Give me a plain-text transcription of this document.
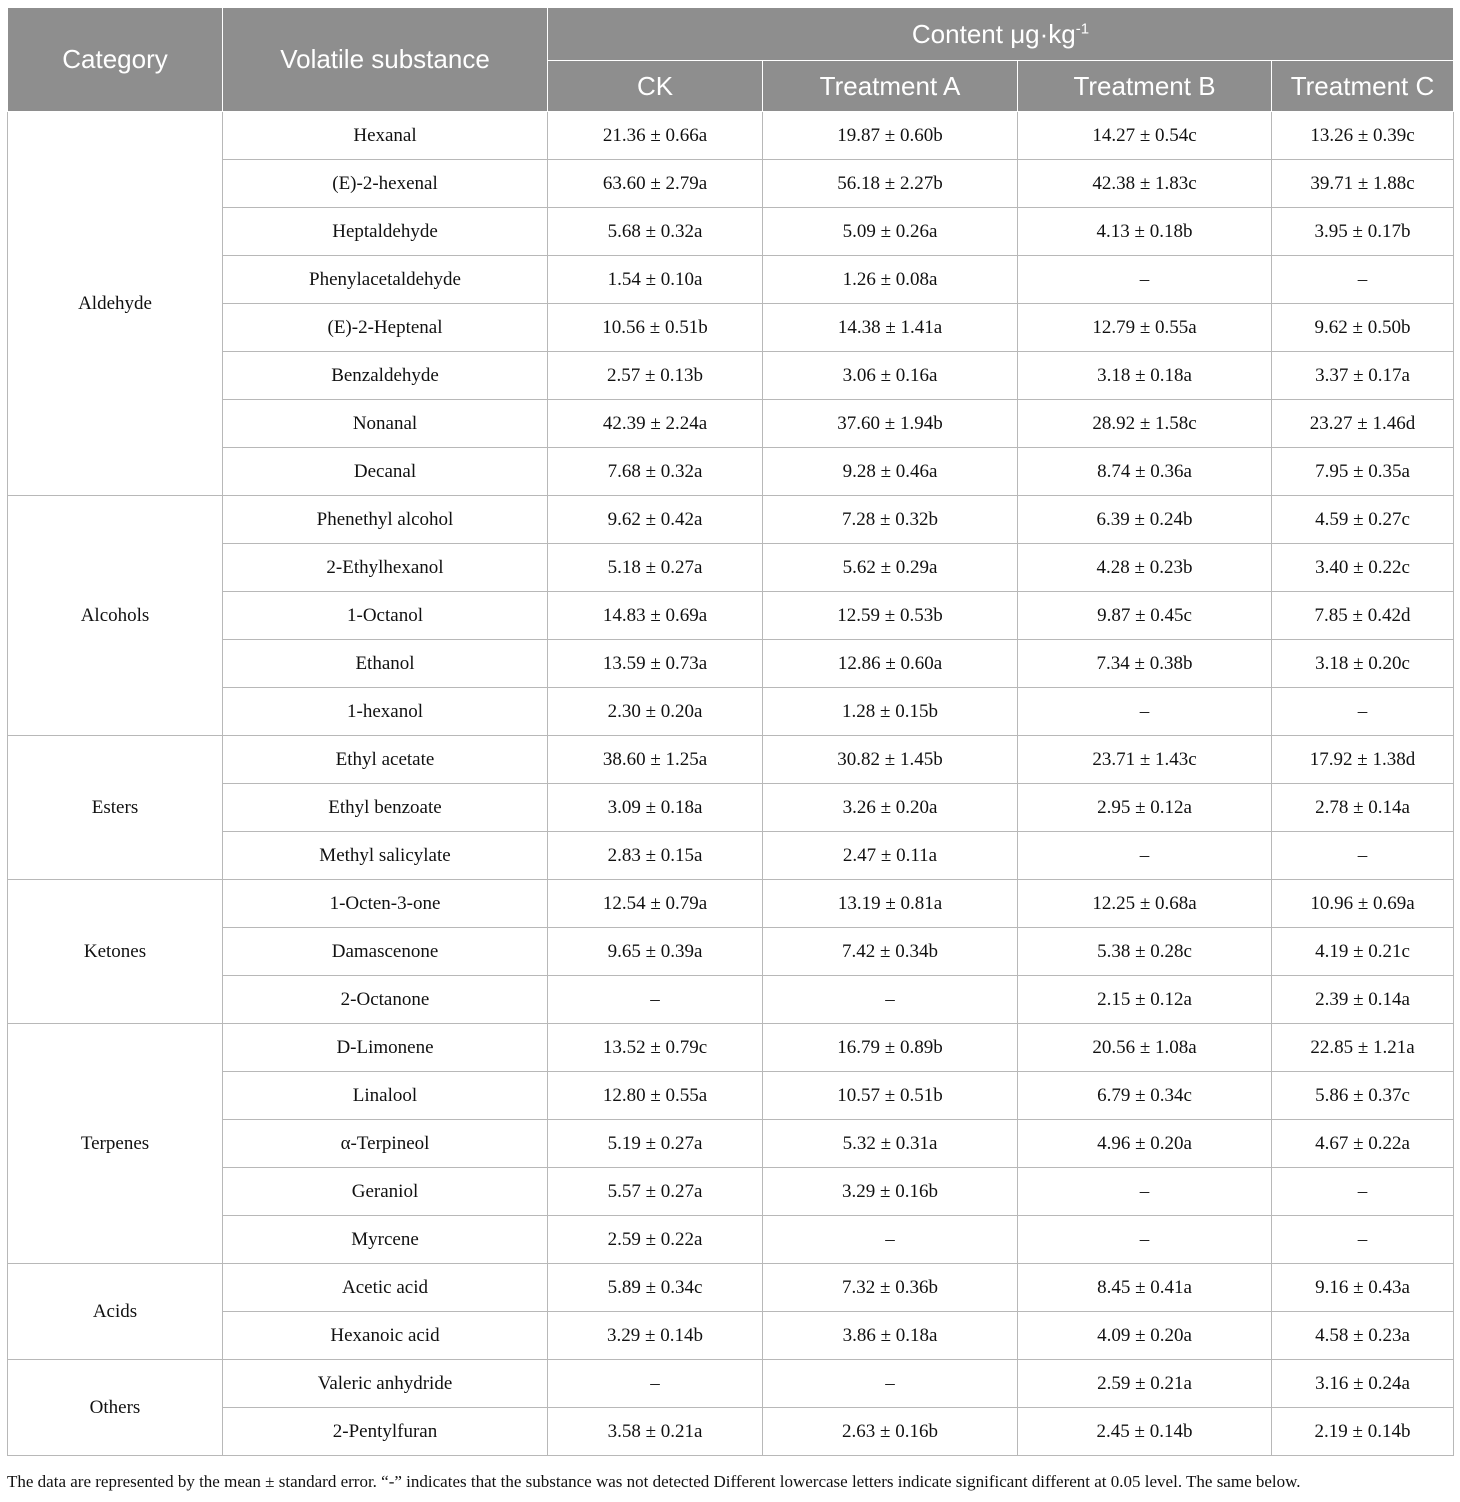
Category	Volatile substance	Content $\mu g\cdot kg^{-1}$
		CK	Treatment A	Treatment B	Treatment C
Aldehyde	Hexanal	21.36 ± 0.66a	19.87 ± 0.60b	14.27 ± 0.54c	13.26 ± 0.39c
	(E)-2-hexenal	63.60 ± 2.79a	56.18 ± 2.27b	42.38 ± 1.83c	39.71 ± 1.88c
	Heptaldehyde	5.68 ± 0.32a	5.09 ± 0.26a	4.13 ± 0.18b	3.95 ± 0.17b
	Phenylacetaldehyde	1.54 ± 0.10a	1.26 ± 0.08a	–	–
	(E)-2-Heptenal	10.56 ± 0.51b	14.38 ± 1.41a	12.79 ± 0.55a	9.62 ± 0.50b
	Benzaldehyde	2.57 ± 0.13b	3.06 ± 0.16a	3.18 ± 0.18a	3.37 ± 0.17a
	Nonanal	42.39 ± 2.24a	37.60 ± 1.94b	28.92 ± 1.58c	23.27 ± 1.46d
	Decanal	7.68 ± 0.32a	9.28 ± 0.46a	8.74 ± 0.36a	7.95 ± 0.35a
Alcohols	Phenethyl alcohol	9.62 ± 0.42a	7.28 ± 0.32b	6.39 ± 0.24b	4.59 ± 0.27c
	2-Ethylhexanol	5.18 ± 0.27a	5.62 ± 0.29a	4.28 ± 0.23b	3.40 ± 0.22c
	1-Octanol	14.83 ± 0.69a	12.59 ± 0.53b	9.87 ± 0.45c	7.85 ± 0.42d
	Ethanol	13.59 ± 0.73a	12.86 ± 0.60a	7.34 ± 0.38b	3.18 ± 0.20c
	1-hexanol	2.30 ± 0.20a	1.28 ± 0.15b	–	–
Esters	Ethyl acetate	38.60 ± 1.25a	30.82 ± 1.45b	23.71 ± 1.43c	17.92 ± 1.38d
	Ethyl benzoate	3.09 ± 0.18a	3.26 ± 0.20a	2.95 ± 0.12a	2.78 ± 0.14a
	Methyl salicylate	2.83 ± 0.15a	2.47 ± 0.11a	–	–
Ketones	1-Octen-3-one	12.54 ± 0.79a	13.19 ± 0.81a	12.25 ± 0.68a	10.96 ± 0.69a
	Damascenone	9.65 ± 0.39a	7.42 ± 0.34b	5.38 ± 0.28c	4.19 ± 0.21c
	2-Octanone	–	–	2.15 ± 0.12a	2.39 ± 0.14a
Terpenes	D-Limonene	13.52 ± 0.79c	16.79 ± 0.89b	20.56 ± 1.08a	22.85 ± 1.21a
	Linalool	12.80 ± 0.55a	10.57 ± 0.51b	6.79 ± 0.34c	5.86 ± 0.37c
	α-Terpineol	5.19 ± 0.27a	5.32 ± 0.31a	4.96 ± 0.20a	4.67 ± 0.22a
	Geraniol	5.57 ± 0.27a	3.29 ± 0.16b	–	–
	Myrcene	2.59 ± 0.22a	–	–	–
Acids	Acetic acid	5.89 ± 0.34c	7.32 ± 0.36b	8.45 ± 0.41a	9.16 ± 0.43a
	Hexanoic acid	3.29 ± 0.14b	3.86 ± 0.18a	4.09 ± 0.20a	4.58 ± 0.23a
Others	Valeric anhydride	–	–	2.59 ± 0.21a	3.16 ± 0.24a
	2-Pentylfuran	3.58 ± 0.21a	2.63 ± 0.16b	2.45 ± 0.14b	2.19 ± 0.14b

The data are represented by the mean ± standard error. “-” indicates that the substance was not detected Different lowercase letters indicate significant different at 0.05 level. The same below.
